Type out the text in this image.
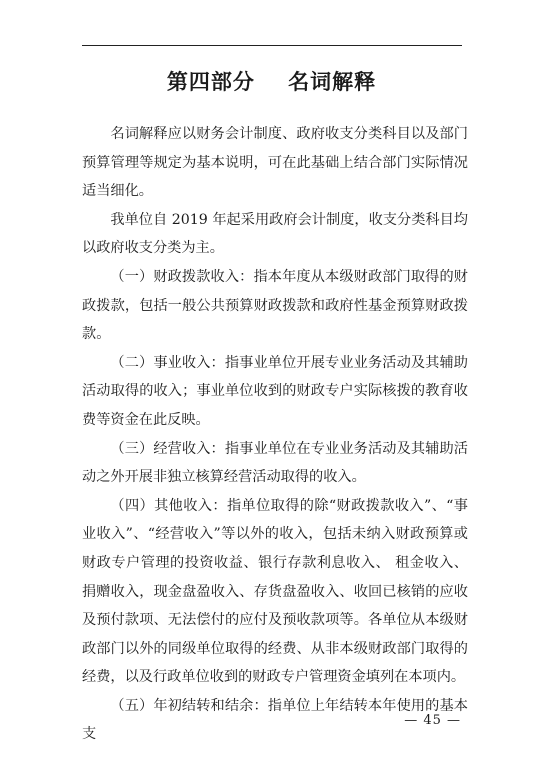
第四部分    名词解释

名词解释应以财务会计制度、政府收支分类科目以及部门预算管理等规定为基本说明，可在此基础上结合部门实际情况适当细化。

我单位自 2019 年起采用政府会计制度，收支分类科目均以政府收支分类为主。

（一）财政拨款收入：指本年度从本级财政部门取得的财政拨款，包括一般公共预算财政拨款和政府性基金预算财政拨款。

（二）事业收入：指事业单位开展专业业务活动及其辅助活动取得的收入；事业单位收到的财政专户实际核拨的教育收费等资金在此反映。

（三）经营收入：指事业单位在专业业务活动及其辅助活动之外开展非独立核算经营活动取得的收入。

（四）其他收入：指单位取得的除“财政拨款收入”、“事业收入”、“经营收入”等以外的收入，包括未纳入财政预算或财政专户管理的投资收益、银行存款利息收入、 租金收入、捐赠收入，现金盘盈收入、存货盘盈收入、收回已核销的应收及预付款项、无法偿付的应付及预收款项等。各单位从本级财政部门以外的同级单位取得的经费、从非本级财政部门取得的经费，以及行政单位收到的财政专户管理资金填列在本项内。

（五）年初结转和结余：指单位上年结转本年使用的基本支

— 45 —
